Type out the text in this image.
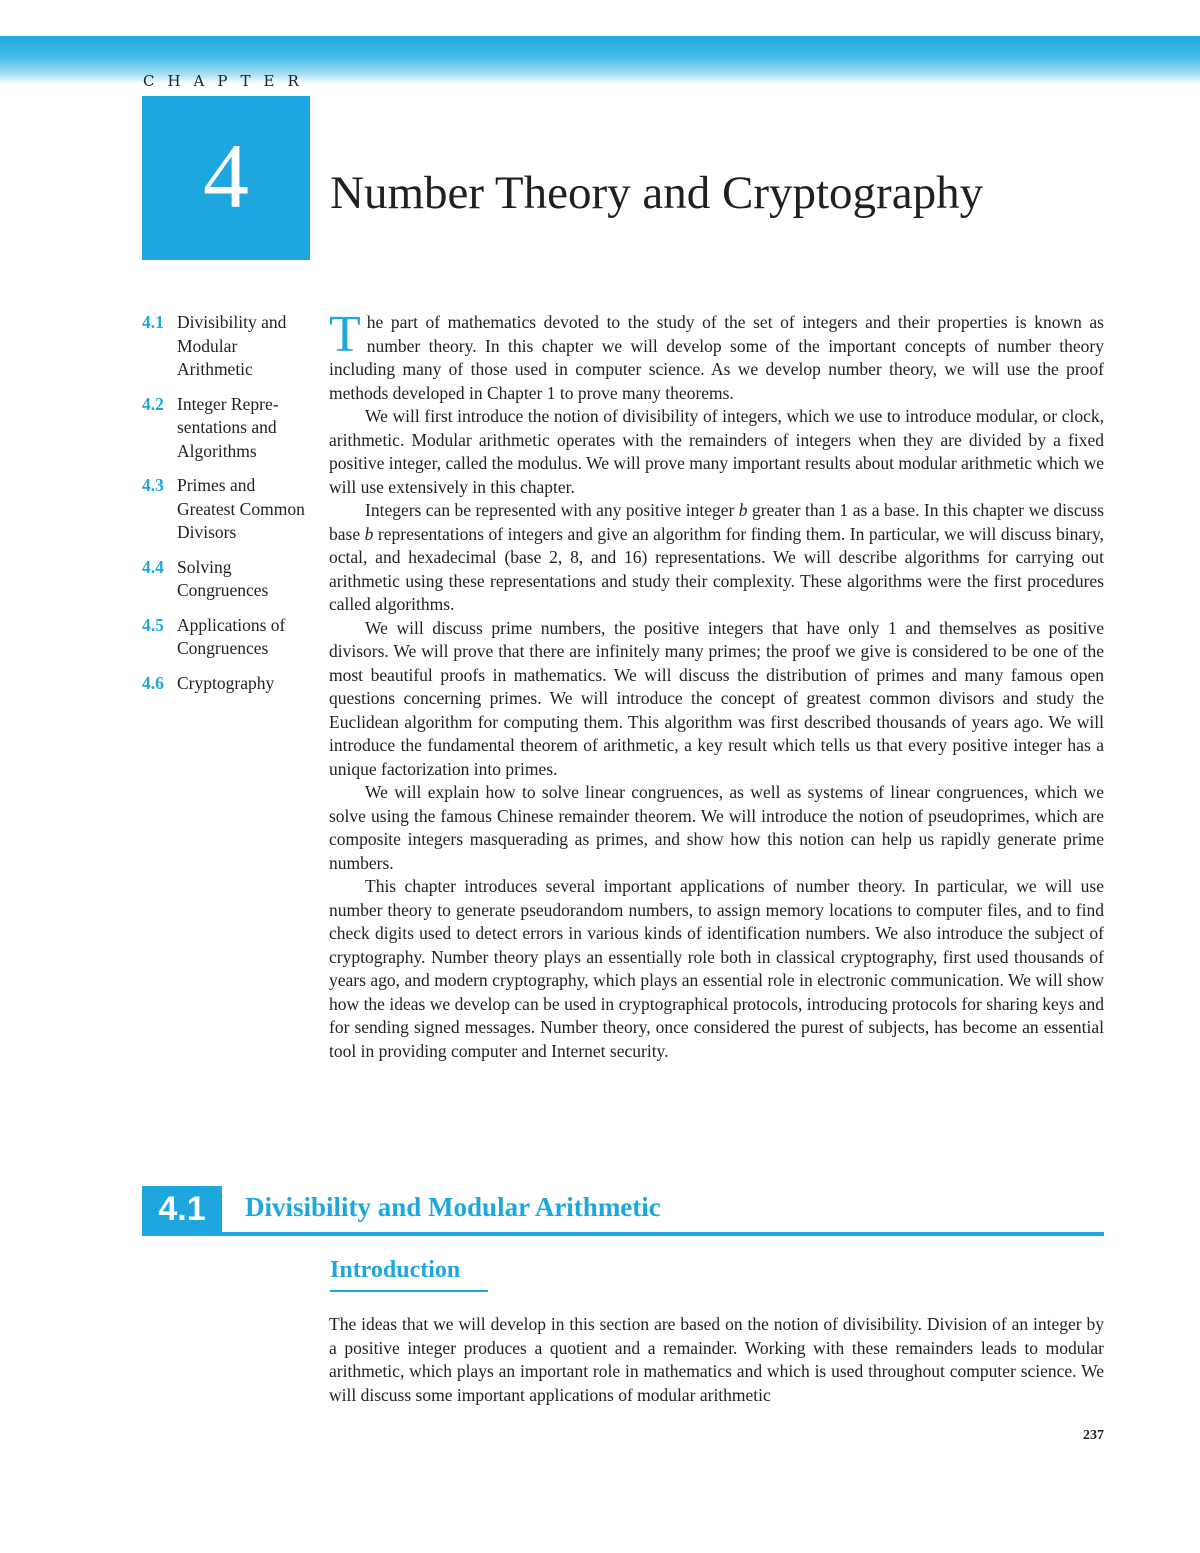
CHAPTER
4 Number Theory and Cryptography
4.1 Divisibility and Modular Arithmetic
4.2 Integer Repre-sentations and Algorithms
4.3 Primes and Greatest Common Divisors
4.4 Solving Congruences
4.5 Applications of Congruences
4.6 Cryptography

The part of mathematics devoted to the study of the set of integers and their properties is known as number theory. In this chapter we will develop some of the important concepts of number theory including many of those used in computer science. As we develop number theory, we will use the proof methods developed in Chapter 1 to prove many theorems.

We will first introduce the notion of divisibility of integers, which we use to introduce modular, or clock, arithmetic. Modular arithmetic operates with the remainders of integers when they are divided by a fixed positive integer, called the modulus. We will prove many important results about modular arithmetic which we will use extensively in this chapter.

Integers can be represented with any positive integer b greater than 1 as a base. In this chapter we discuss base b representations of integers and give an algorithm for finding them. In particular, we will discuss binary, octal, and hexadecimal (base 2, 8, and 16) representations. We will describe algorithms for carrying out arithmetic using these representations and study their complexity. These algorithms were the first procedures called algorithms.

We will discuss prime numbers, the positive integers that have only 1 and themselves as positive divisors. We will prove that there are infinitely many primes; the proof we give is considered to be one of the most beautiful proofs in mathematics. We will discuss the distribution of primes and many famous open questions concerning primes. We will introduce the concept of greatest common divisors and study the Euclidean algorithm for computing them. This algorithm was first described thousands of years ago. We will introduce the fundamental theorem of arithmetic, a key result which tells us that every positive integer has a unique factorization into primes.

We will explain how to solve linear congruences, as well as systems of linear congruences, which we solve using the famous Chinese remainder theorem. We will introduce the notion of pseudoprimes, which are composite integers masquerading as primes, and show how this notion can help us rapidly generate prime numbers.

This chapter introduces several important applications of number theory. In particular, we will use number theory to generate pseudorandom numbers, to assign memory locations to computer files, and to find check digits used to detect errors in various kinds of identification numbers. We also introduce the subject of cryptography. Number theory plays an essentially role both in classical cryptography, first used thousands of years ago, and modern cryptography, which plays an essential role in electronic communication. We will show how the ideas we develop can be used in cryptographical protocols, introducing protocols for sharing keys and for sending signed messages. Number theory, once considered the purest of subjects, has become an essential tool in providing computer and Internet security.

4.1	Divisibility and Modular Arithmetic
Introduction

The ideas that we will develop in this section are based on the notion of divisibility. Division of an integer by a positive integer produces a quotient and a remainder. Working with these remainders leads to modular arithmetic, which plays an important role in mathematics and which is used throughout computer science. We will discuss some important applications of modular arithmetic

237
